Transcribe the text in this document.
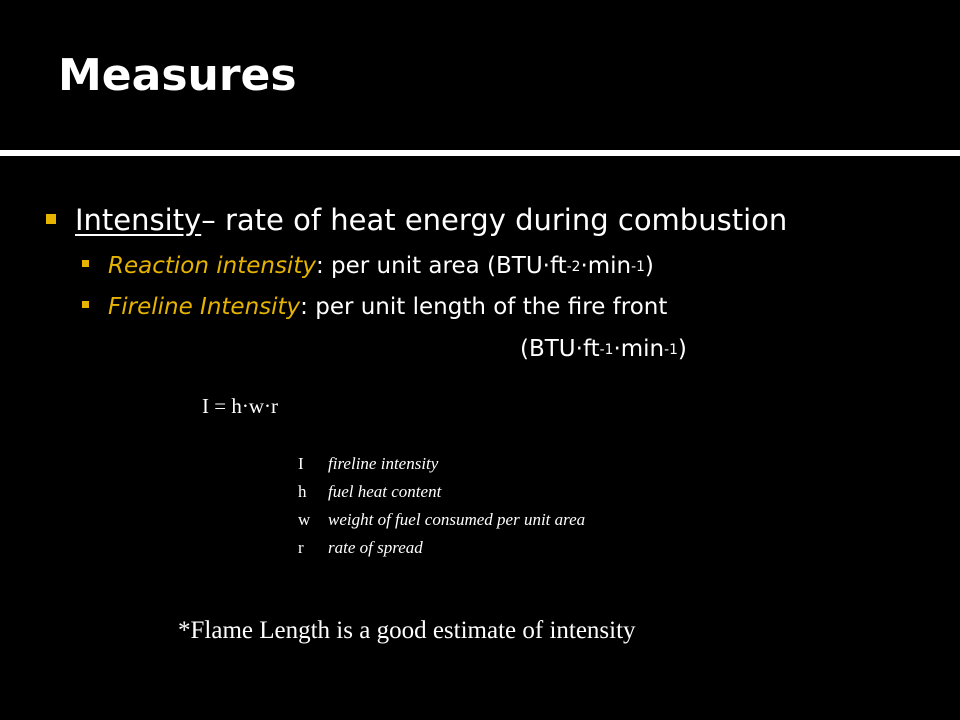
Measures
Intensity – rate of heat energy during combustion
Reaction intensity : per unit area ($BTU \cdot ft^{-2} \cdot\min^{-1}$ )
Fireline Intensity : per unit length of the fire front
($BTU \cdot ft^{-1} \cdot\min^{-1}$ )
I = h·w·r
I fireline intensity
h fuel heat content
w weight of fuel consumed per unit area
r rate of spread
*Flame Length is a good estimate of intensity
